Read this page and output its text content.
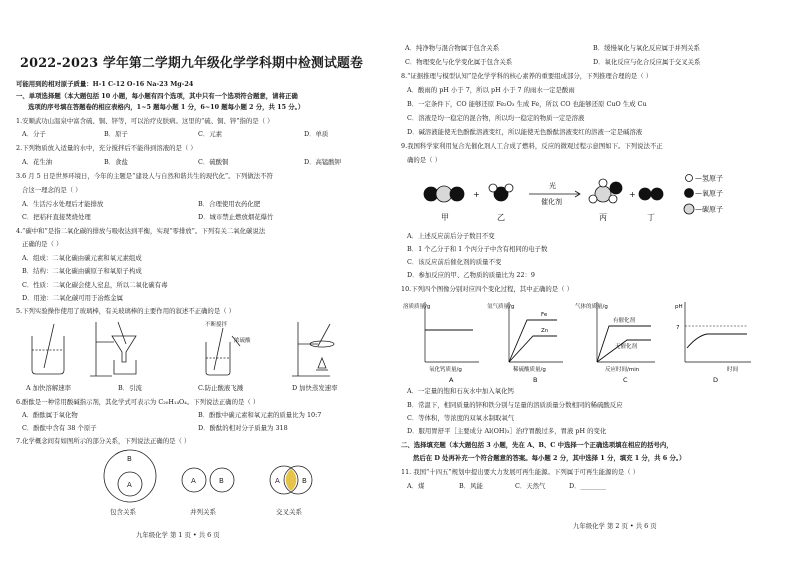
2022-2023 学年第二学期九年级化学学科期中检测试题卷
可能用到的相对原子质量：H-1 C-12 O-16 Na-23 Mg-24
一、单项选择题（本大题包括 10 小题，每小题有四个选项，其中只有一个选项符合题意，请将正确
选项的序号填在答题卷的相应表格内，1~5 题每小题 1 分，6~10 题每小题 2 分，共 15 分。）
1.安顺武功山温泉中富含硫、铜、锌等，可以治疗皮肤病。这里的“硫、铜、锌”指的是（ ）
A．分子	B．原子	C．元素	D．单质
2.下列物质放入适量的水中，充分搅拌后不能得到溶液的是（ ）
A．花生油	B．食盐	C．硫酸铜	D．高锰酸钾
3.6 月 5 日是世界环境日，今年的主题是“建设人与自然和谐共生的现代化”。下列做法不符
合这一理念的是（ ）
A．生活污水处理后才能排放	B．合理使用农药化肥
C．把秸秆直接焚烧处理	D．城市禁止燃放烟花爆竹
4.“碳中和”是指二氧化碳的排放与吸收达到平衡，实现“零排放”。下列有关二氧化碳说法
正确的是（ ）
A．组成：二氧化碳由碳元素和氧元素组成
B．结构：二氧化碳由碳原子和氧原子构成
C．性质：二氧化碳会使人窒息，所以二氧化碳有毒
D．用途：二氧化碳可用于冶炼金属
5.下列实验操作使用了玻璃棒，有关玻璃棒的主要作用的叙述不正确的是（ ）
不断搅拌
浓硫酸
A 加快溶解速率	B．引流	C.防止酸液飞溅	D 加快蒸发速率
6.酚酞是一种常用酸碱指示剂，其化学式可表示为 C₂₀H₁₄O₄。下列说法正确的是（ ）
A．酚酞属于氧化物	B．酚酞中碳元素和氧元素的质量比为 10:7
C．酚酞中含有 38 个原子	D．酚酞的相对分子质量为 318
7.化学概念间有如图所示的部分关系，下列说法正确的是（ ）
B
A
包含关系
A	B
并列关系
A	B
交叉关系
九年级化学 第 1 页 • 共 6 页
A．纯净物与混合物属于包含关系	B．缓慢氧化与氧化反应属于并列关系
C．物理变化与化学变化属于包含关系	D．氧化反应与化合反应属于交叉关系
8.“证据推理与模型认知”是化学学科的核心素养的重要组成部分，下列推理合理的是（ ）
A．酸雨的 pH 小于 7，所以 pH 小于 7 的雨水一定是酸雨
B．一定条件下，CO 能够还原 Fe₂O₃ 生成 Fe，所以 CO 也能够还原 CuO 生成 Cu
C．溶液是均一稳定的混合物，所以均一稳定的物质一定是溶液
D．碱溶液能使无色酚酞溶液变红，所以能使无色酚酞溶液变红的溶液一定是碱溶液
9.我国科学家利用复合光催化剂人工合成了燃料，反应的微观过程示意图如下。下列说法不正
确的是（ ）
甲
+
乙
光
催化剂
丙
+
丁
—氢原子
—氧原子
—碳原子
A．上述反应前后分子数目不变
B．1 个乙分子和 1 个丙分子中含有相同的电子数
C．该反应前后催化剂的质量不变
D．参加反应的甲、乙物质的质量比为 22：9
10.下列四个图像分别对应四个变化过程，其中正确的是（ ）
溶质质量/g
氧化钙质量/g
A
Fe
Zn
氢气质量/g
稀硫酸质量/g
B
有催化剂
无催化剂
气体的质量/g
反应时间/min
C
7
pH
时间
D
A．一定量的饱和石灰水中加入氧化钙
B．常温下，相同质量的锌和铁分别与足量的溶质质量分数相同的稀硫酸反应
C．等体积，等浓度的双氧水制取氧气
D．服用胃舒平［主要成分 Al(OH)₃］治疗胃酸过多，胃液 pH 的变化
二、选择填充题（本大题包括 3 小题，先在 A、B、C 中选择一个正确选项填在相应的括号内，
然后在 D 处再补充一个符合题意的答案。每小题 2 分，其中选择 1 分，填充 1 分，共 6 分。）
11. 我国“十四五”规划中提出要大力发展可再生能源。下列属于可再生能源的是（ ）
A．煤	B．风能	C．天然气	D．________
九年级化学 第 2 页 • 共 6 页
